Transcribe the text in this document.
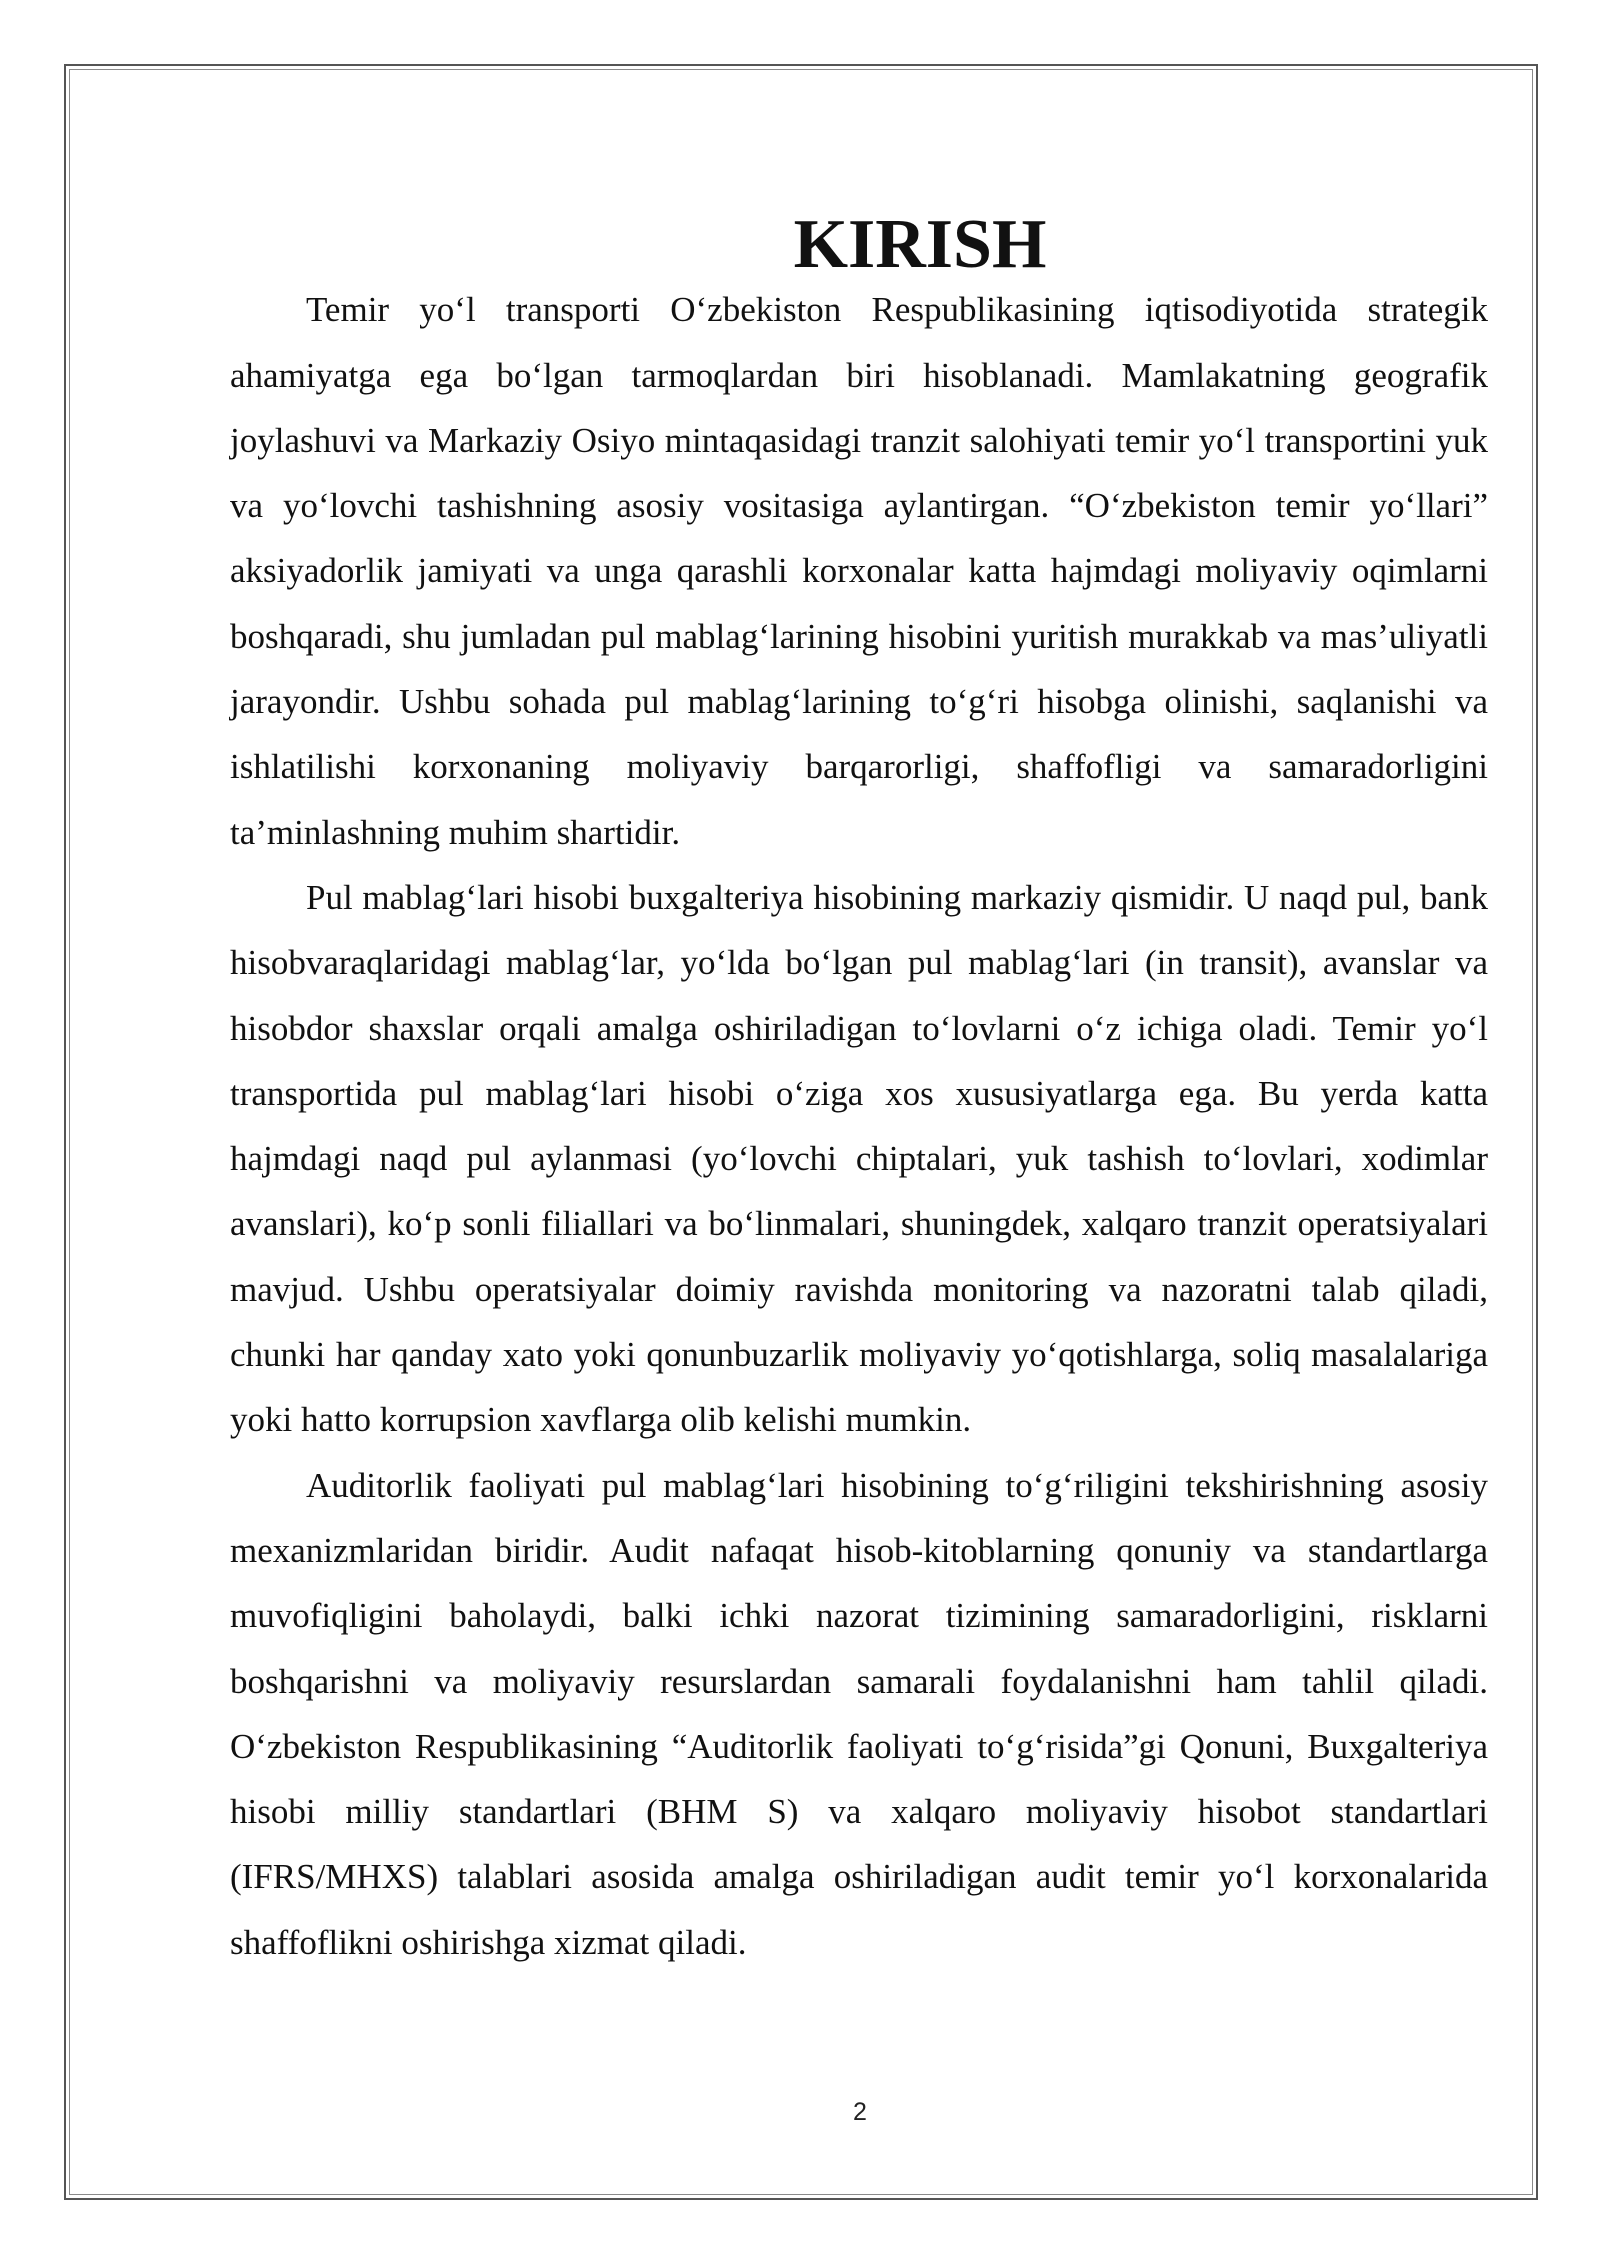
KIRISH

Temir yo‘l transporti O‘zbekiston Respublikasining iqtisodiyotida strategik ahamiyatga ega bo‘lgan tarmoqlardan biri hisoblanadi. Mamlakatning geografik joylashuvi va Markaziy Osiyo mintaqasidagi tranzit salohiyati temir yo‘l transportini yuk va yo‘lovchi tashishning asosiy vositasiga aylantirgan. “O‘zbekiston temir yo‘llari” aksiyadorlik jamiyati va unga qarashli korxonalar katta hajmdagi moliyaviy oqimlarni boshqaradi, shu jumladan pul mablag‘larining hisobini yuritish murakkab va mas’uliyatli jarayondir. Ushbu sohada pul mablag‘larining to‘g‘ri hisobga olinishi, saqlanishi va ishlatilishi korxonaning moliyaviy barqarorligi, shaffofligi va samaradorligini ta’minlashning muhim shartidir.

Pul mablag‘lari hisobi buxgalteriya hisobining markaziy qismidir. U naqd pul, bank hisobvaraqlaridagi mablag‘lar, yo‘lda bo‘lgan pul mablag‘lari (in transit), avanslar va hisobdor shaxslar orqali amalga oshiriladigan to‘lovlarni o‘z ichiga oladi. Temir yo‘l transportida pul mablag‘lari hisobi o‘ziga xos xususiyatlarga ega. Bu yerda katta hajmdagi naqd pul aylanmasi (yo‘lovchi chiptalari, yuk tashish to‘lovlari, xodimlar avanslari), ko‘p sonli filiallari va bo‘linmalari, shuningdek, xalqaro tranzit operatsiyalari mavjud. Ushbu operatsiyalar doimiy ravishda monitoring va nazoratni talab qiladi, chunki har qanday xato yoki qonunbuzarlik moliyaviy yo‘qotishlarga, soliq masalalariga yoki hatto korrupsion xavflarga olib kelishi mumkin.

Auditorlik faoliyati pul mablag‘lari hisobining to‘g‘riligini tekshirishning asosiy mexanizmlaridan biridir. Audit nafaqat hisob-kitoblarning qonuniy va standartlarga muvofiqligini baholaydi, balki ichki nazorat tizimining samaradorligini, risklarni boshqarishni va moliyaviy resurslardan samarali foydalanishni ham tahlil qiladi. O‘zbekiston Respublikasining “Auditorlik faoliyati to‘g‘risida”gi Qonuni, Buxgalteriya hisobi milliy standartlari (BHM S) va xalqaro moliyaviy hisobot standartlari (IFRS/MHXS) talablari asosida amalga oshiriladigan audit temir yo‘l korxonalarida shaffoflikni oshirishga xizmat qiladi.

2
